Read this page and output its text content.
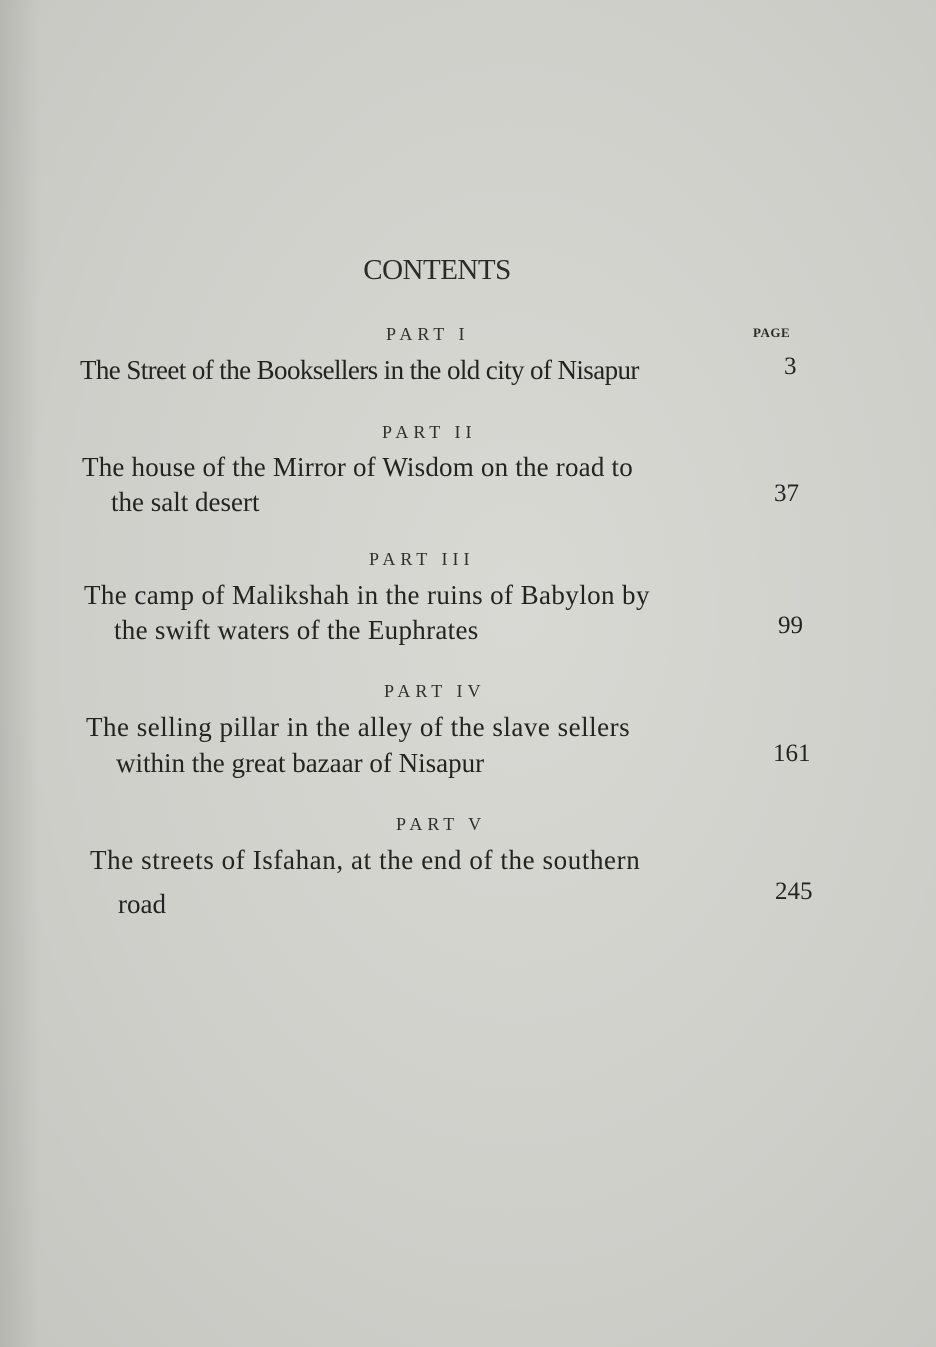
CONTENTS
PAGE
PART I
The Street of the Booksellers in the old city of Nisapur	3
PART II
The house of the Mirror of Wisdom on the road to
the salt desert	37
PART III
The camp of Malikshah in the ruins of Babylon by
the swift waters of the Euphrates	99
PART IV
The selling pillar in the alley of the slave sellers
within the great bazaar of Nisapur	161
PART V
The streets of Isfahan, at the end of the southern
road	245
